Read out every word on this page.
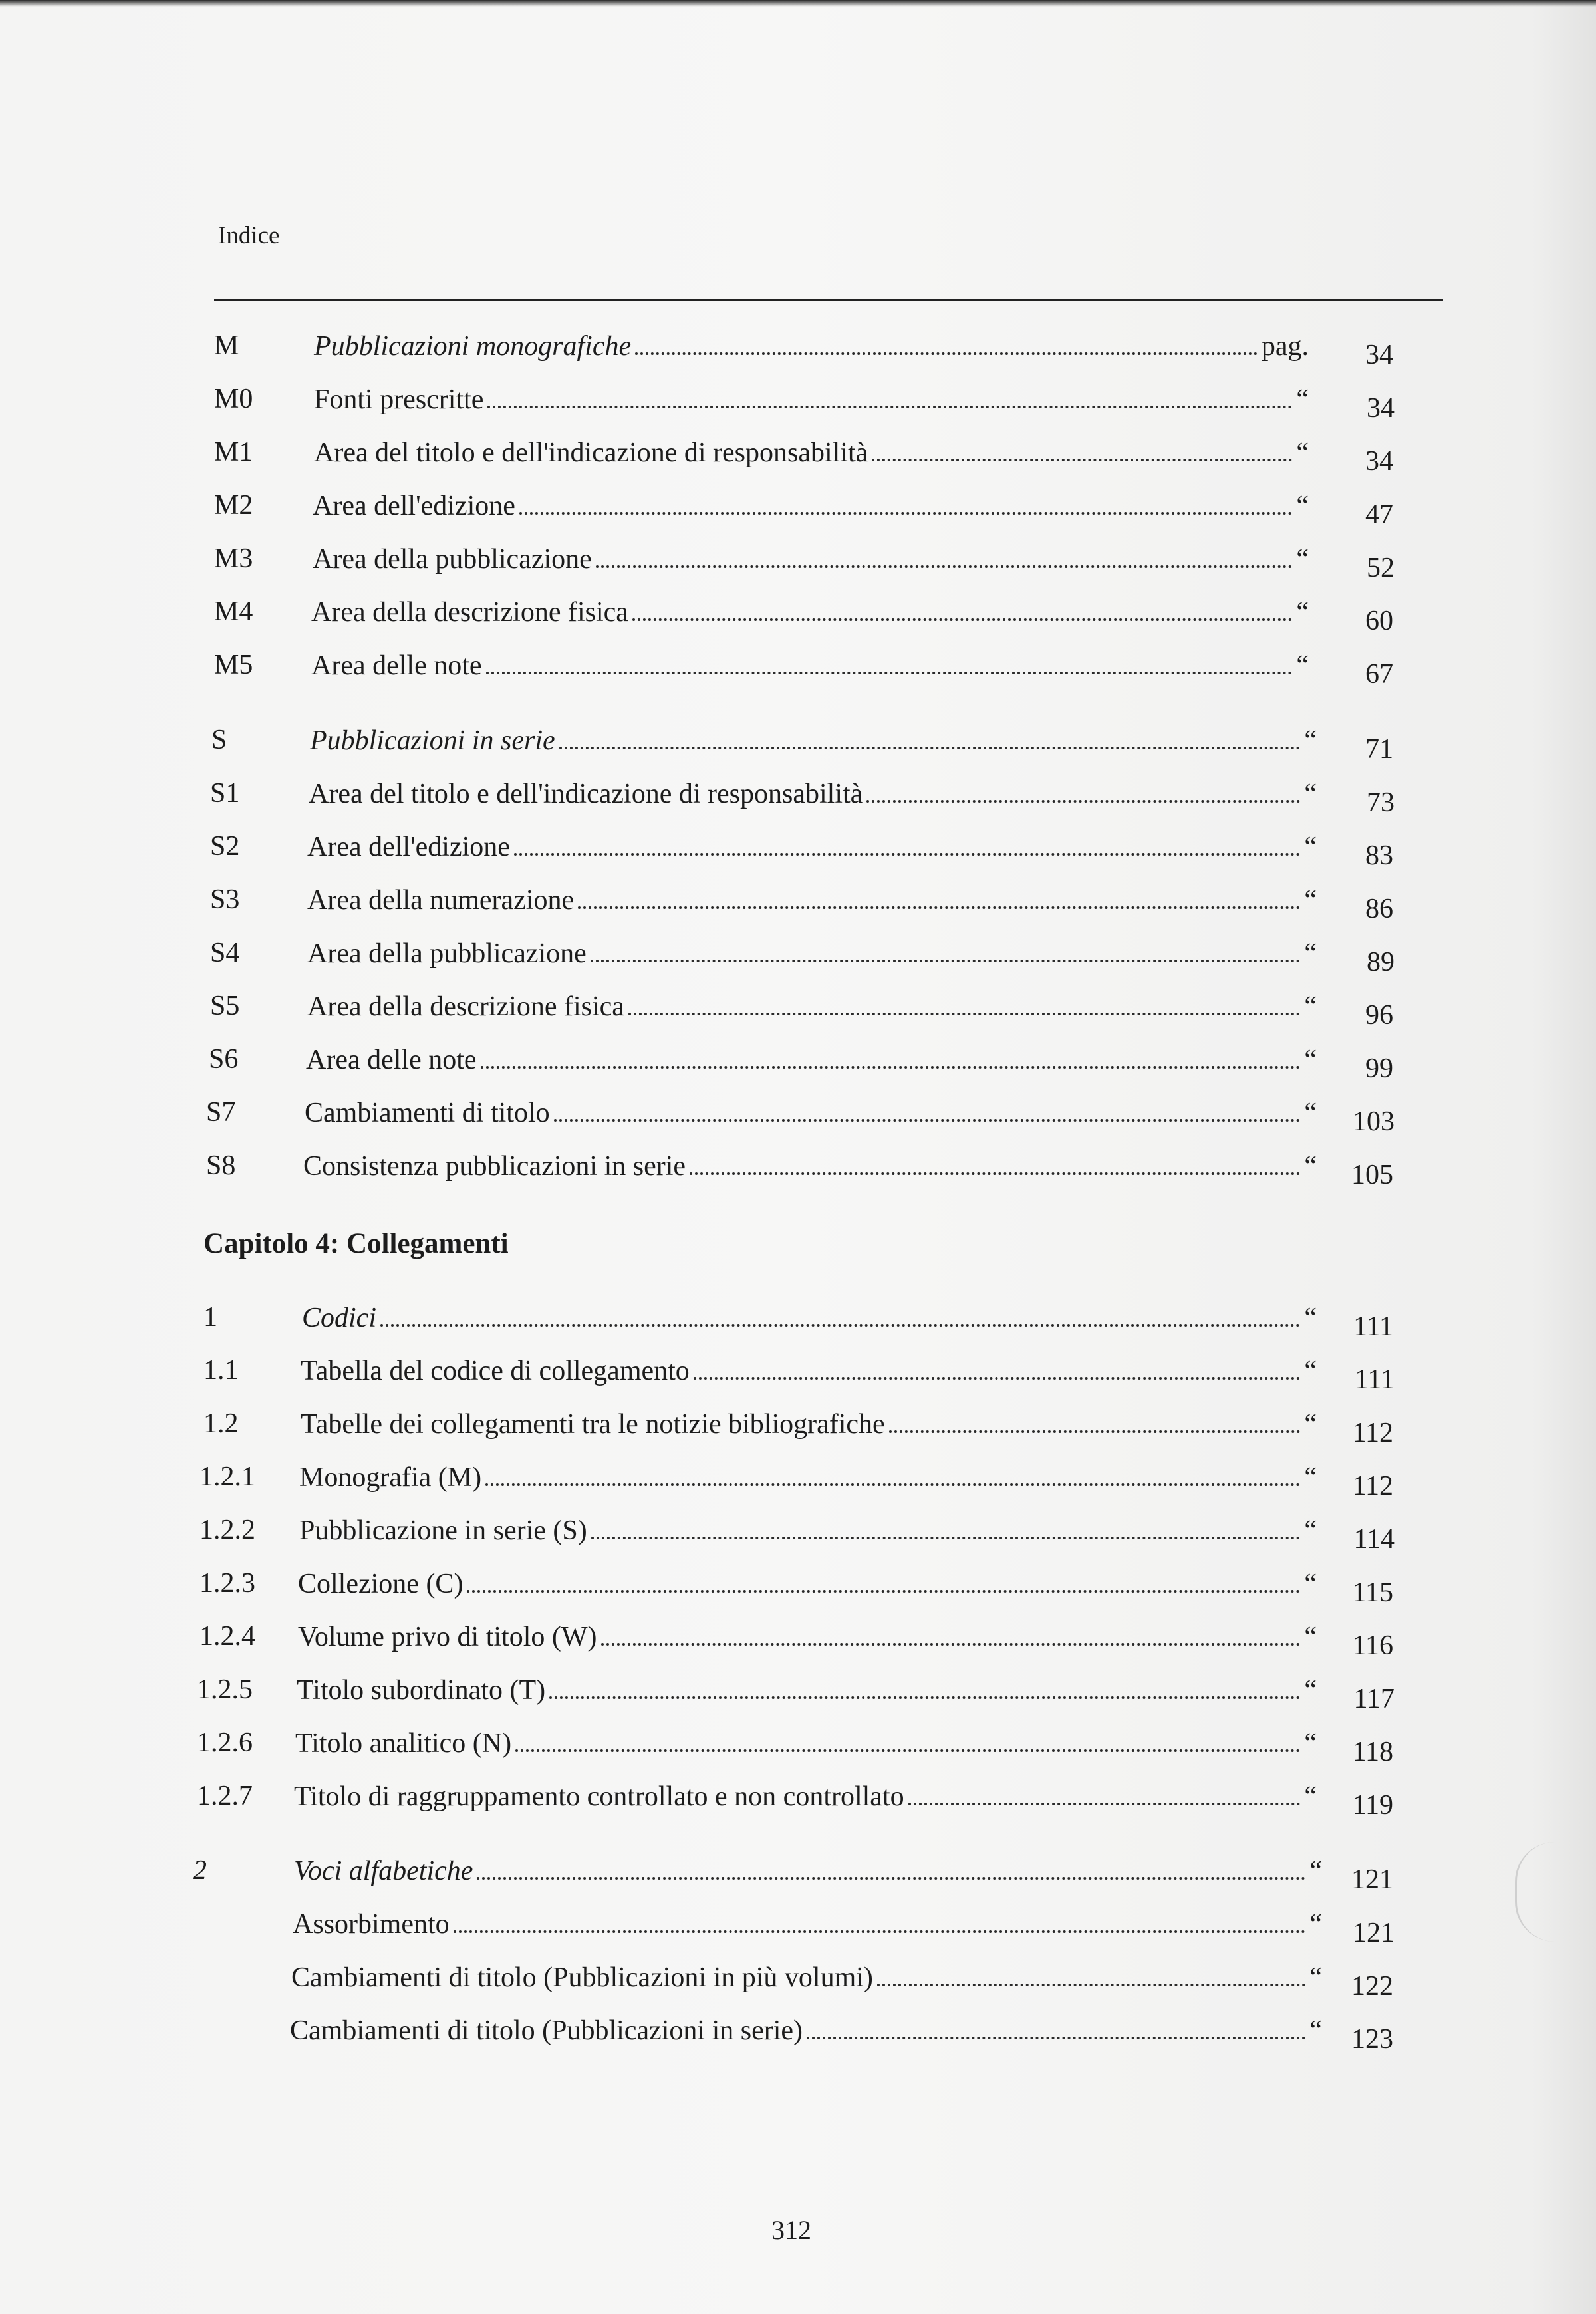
Indice
M	Pubblicazioni monografiche	pag.	34
M0 Fonti prescritte	“	34
M1 Area del titolo e dell'indicazione di responsabilità	“	34
M2 Area dell'edizione	“	47
M3 Area della pubblicazione	“	52
M4 Area della descrizione fisica	“	60
M5 Area delle note	“	67
S	Pubblicazioni in serie	“	71
S1 Area del titolo e dell'indicazione di responsabilità	“	73
S2 Area dell'edizione	“	83
S3 Area della numerazione	“	86
S4 Area della pubblicazione	“	89
S5 Area della descrizione fisica	“	96
S6 Area delle note	“	99
S7 Cambiamenti di titolo	“	103
S8 Consistenza pubblicazioni in serie	“	105
Capitolo 4: Collegamenti
1	Codici	“	111
1.1 Tabella del codice di collegamento	“	111
1.2 Tabelle dei collegamenti tra le notizie bibliografiche	“	112
1.2.1 Monografia (M)	“	112
1.2.2 Pubblicazione in serie (S)	“	114
1.2.3 Collezione (C)	“	115
1.2.4 Volume privo di titolo (W)	“	116
1.2.5 Titolo subordinato (T)	“	117
1.2.6 Titolo analitico (N)	“	118
1.2.7 Titolo di raggruppamento controllato e non controllato	“	119
2	Voci alfabetiche	“	121
Assorbimento	“	121
Cambiamenti di titolo (Pubblicazioni in più volumi)	“	122
Cambiamenti di titolo (Pubblicazioni in serie)	“	123
312
